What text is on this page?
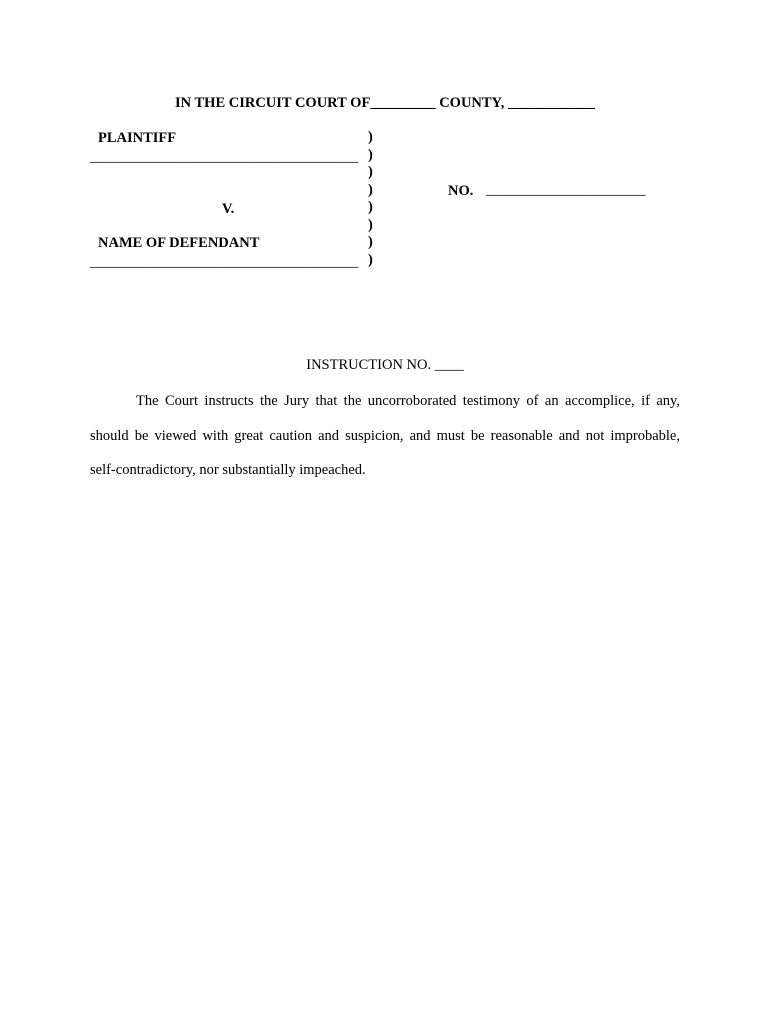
IN THE CIRCUIT COURT OF_________ COUNTY, ____________
PLAINTIFF
_____________________________________
V.
NAME OF DEFENDANT
_____________________________________
)
)
)
)
)
)
)
)
NO. ______________________
INSTRUCTION NO. ____
The Court instructs the Jury that the uncorroborated testimony of an accomplice, if any,
should be viewed with great caution and suspicion, and must be reasonable and not improbable,
self-contradictory, nor substantially impeached.
